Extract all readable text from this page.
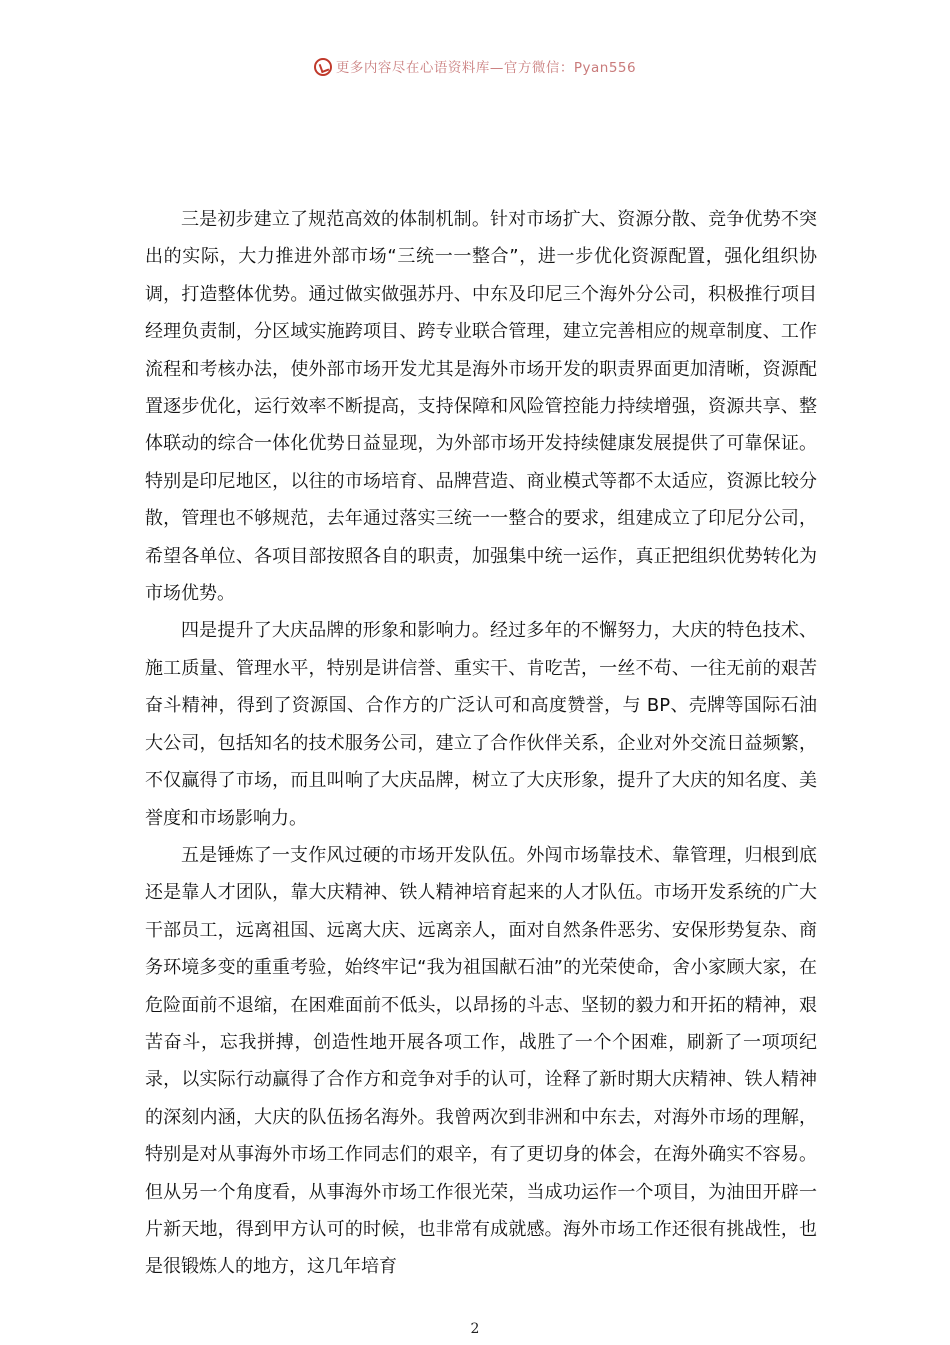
更多内容尽在心语资料库—官方微信：Pyan556

三是初步建立了规范高效的体制机制。针对市场扩大、资源分散、竞争优势不突出的实际，大力推进外部市场“三统一一整合”，进一步优化资源配置，强化组织协调，打造整体优势。通过做实做强苏丹、中东及印尼三个海外分公司，积极推行项目经理负责制，分区域实施跨项目、跨专业联合管理，建立完善相应的规章制度、工作流程和考核办法，使外部市场开发尤其是海外市场开发的职责界面更加清晰，资源配置逐步优化，运行效率不断提高，支持保障和风险管控能力持续增强，资源共享、整体联动的综合一体化优势日益显现，为外部市场开发持续健康发展提供了可靠保证。特别是印尼地区，以往的市场培育、品牌营造、商业模式等都不太适应，资源比较分散，管理也不够规范，去年通过落实三统一一整合的要求，组建成立了印尼分公司，希望各单位、各项目部按照各自的职责，加强集中统一运作，真正把组织优势转化为市场优势。

四是提升了大庆品牌的形象和影响力。经过多年的不懈努力，大庆的特色技术、施工质量、管理水平，特别是讲信誉、重实干、肯吃苦，一丝不苟、一往无前的艰苦奋斗精神，得到了资源国、合作方的广泛认可和高度赞誉，与 BP、壳牌等国际石油大公司，包括知名的技术服务公司，建立了合作伙伴关系，企业对外交流日益频繁，不仅赢得了市场，而且叫响了大庆品牌，树立了大庆形象，提升了大庆的知名度、美誉度和市场影响力。

五是锤炼了一支作风过硬的市场开发队伍。外闯市场靠技术、靠管理，归根到底还是靠人才团队，靠大庆精神、铁人精神培育起来的人才队伍。市场开发系统的广大干部员工，远离祖国、远离大庆、远离亲人，面对自然条件恶劣、安保形势复杂、商务环境多变的重重考验，始终牢记“我为祖国献石油”的光荣使命，舍小家顾大家，在危险面前不退缩，在困难面前不低头，以昂扬的斗志、坚韧的毅力和开拓的精神，艰苦奋斗，忘我拼搏，创造性地开展各项工作，战胜了一个个困难，刷新了一项项纪录，以实际行动赢得了合作方和竞争对手的认可，诠释了新时期大庆精神、铁人精神的深刻内涵，大庆的队伍扬名海外。我曾两次到非洲和中东去，对海外市场的理解，特别是对从事海外市场工作同志们的艰辛，有了更切身的体会，在海外确实不容易。但从另一个角度看，从事海外市场工作很光荣，当成功运作一个项目，为油田开辟一片新天地，得到甲方认可的时候，也非常有成就感。海外市场工作还很有挑战性，也是很锻炼人的地方，这几年培育

2
